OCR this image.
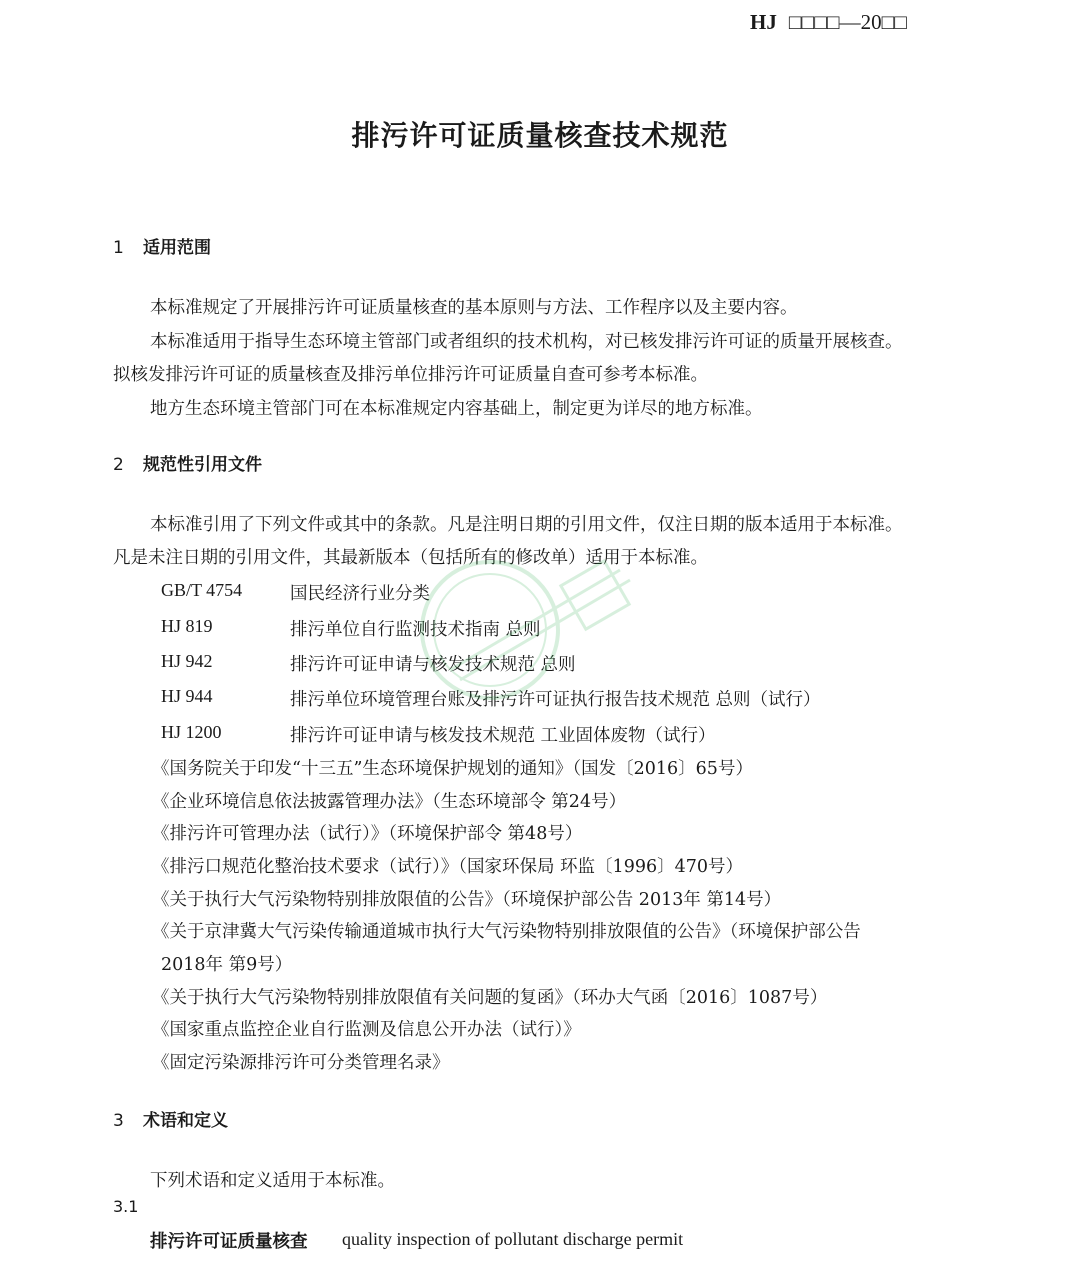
HJ □□□□—20□□
排污许可证质量核查技术规范
1 适用范围
本标准规定了开展排污许可证质量核查的基本原则与方法、工作程序以及主要内容。
本标准适用于指导生态环境主管部门或者组织的技术机构，对已核发排污许可证的质量开展核查。
拟核发排污许可证的质量核查及排污单位排污许可证质量自查可参考本标准。
地方生态环境主管部门可在本标准规定内容基础上，制定更为详尽的地方标准。
2 规范性引用文件
本标准引用了下列文件或其中的条款。凡是注明日期的引用文件，仅注日期的版本适用于本标准。
凡是未注日期的引用文件，其最新版本（包括所有的修改单）适用于本标准。
GB/T 4754	国民经济行业分类
HJ 819	排污单位自行监测技术指南 总则
HJ 942	排污许可证申请与核发技术规范 总则
HJ 944	排污单位环境管理台账及排污许可证执行报告技术规范 总则（试行）
HJ 1200	排污许可证申请与核发技术规范 工业固体废物（试行）
《国务院关于印发“十三五”生态环境保护规划的通知》（国发〔2016〕65号）
《企业环境信息依法披露管理办法》（生态环境部令 第24号）
《排污许可管理办法（试行）》（环境保护部令 第48号）
《排污口规范化整治技术要求（试行）》（国家环保局 环监〔1996〕470号）
《关于执行大气污染物特别排放限值的公告》（环境保护部公告 2013年 第14号）
《关于京津冀大气污染传输通道城市执行大气污染物特别排放限值的公告》（环境保护部公告
2018年 第9号）
《关于执行大气污染物特别排放限值有关问题的复函》（环办大气函〔2016〕1087号）
《国家重点监控企业自行监测及信息公开办法（试行）》
《固定污染源排污许可分类管理名录》
3 术语和定义
下列术语和定义适用于本标准。
3.1
排污许可证质量核查 quality inspection of pollutant discharge permit
